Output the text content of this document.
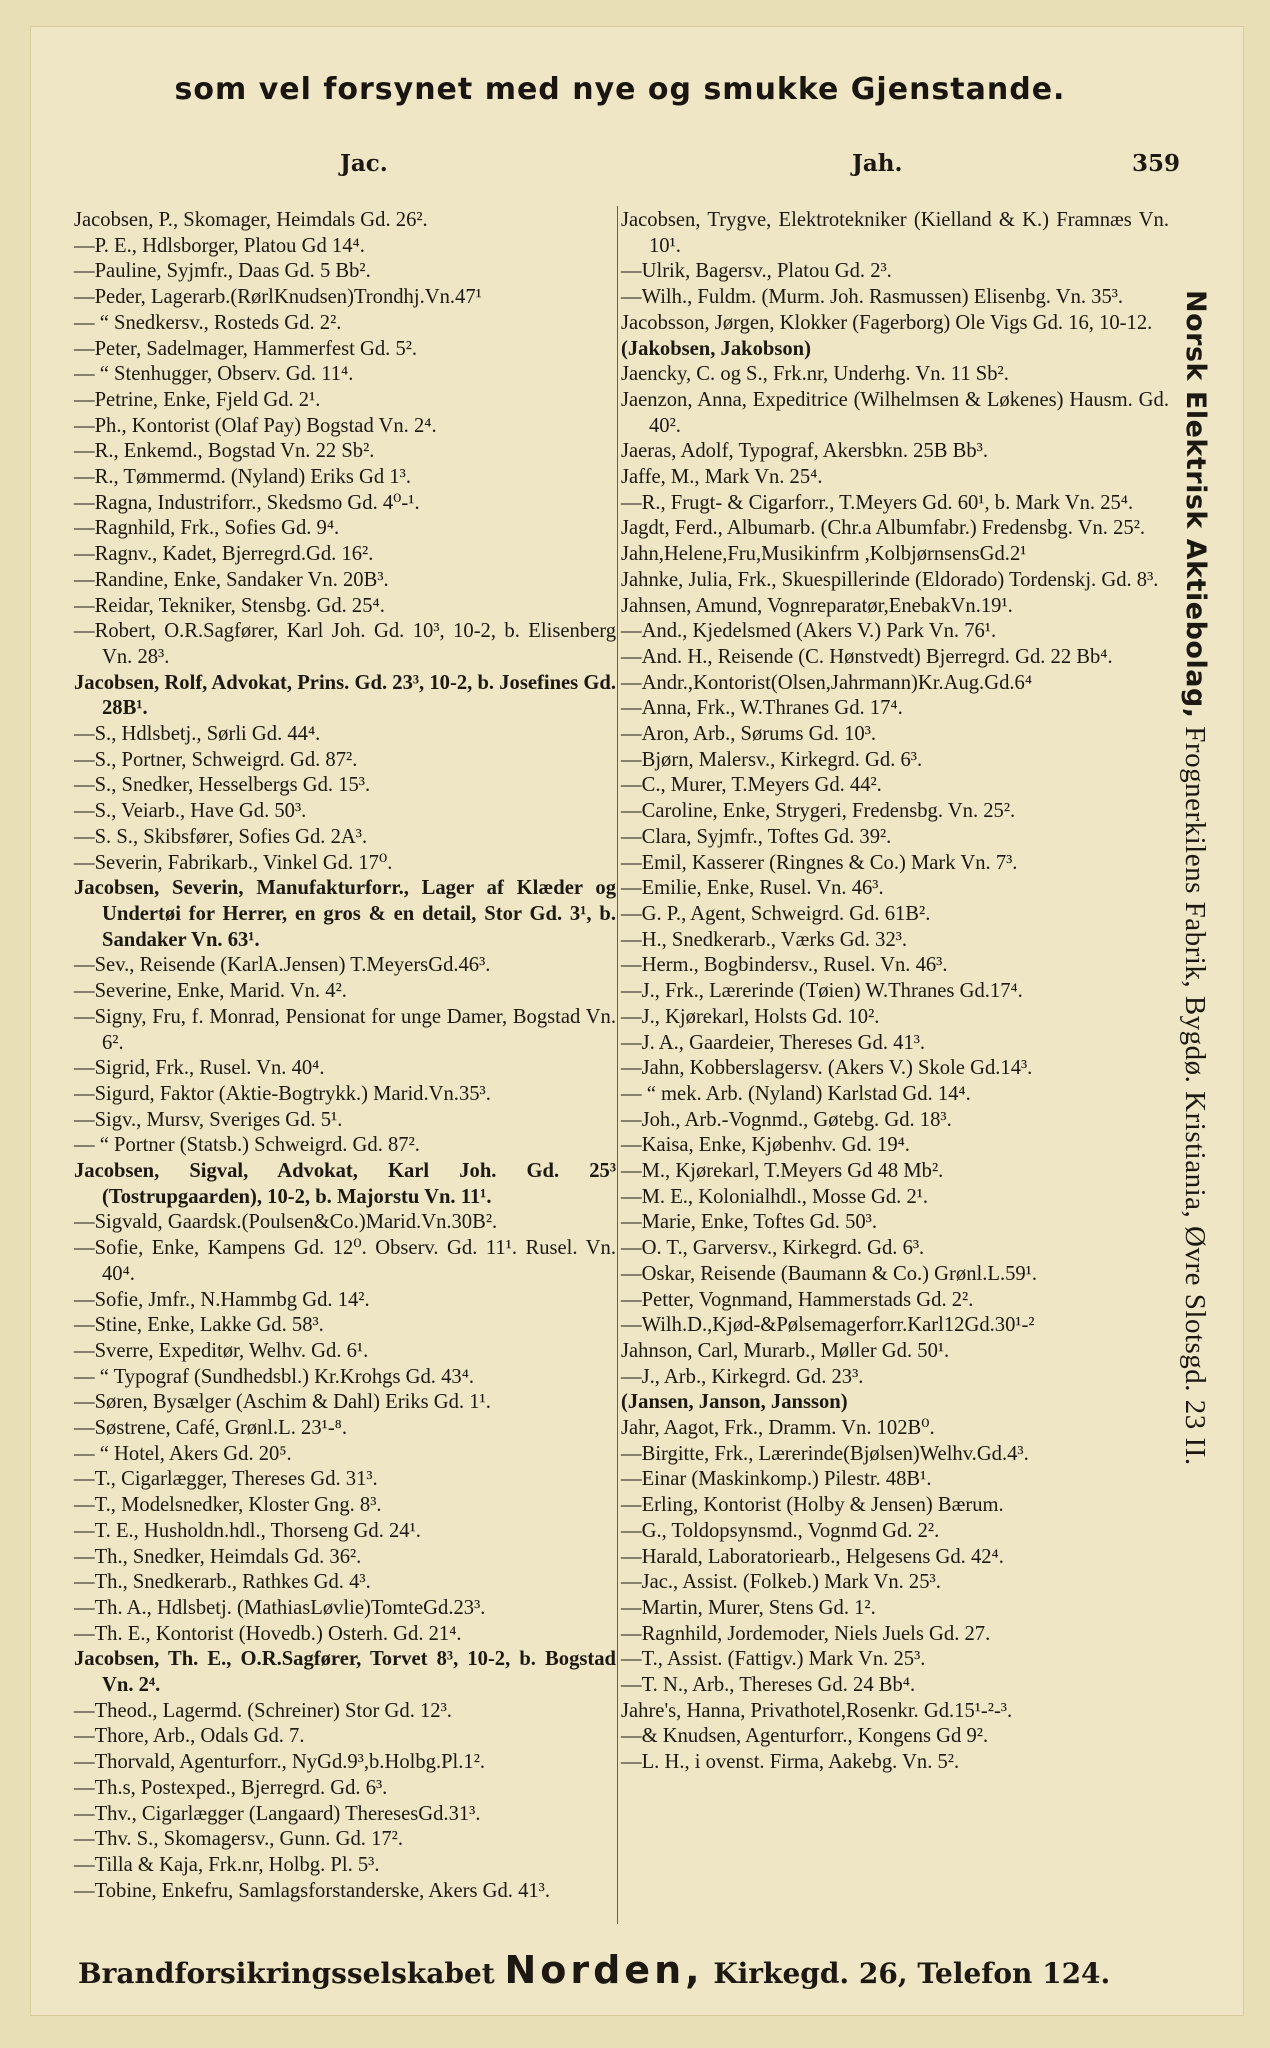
som vel forsynet med nye og smukke Gjenstande.
Jac.	Jah.	359

Jacobsen, P., Skomager, Heimdals Gd. 26².

—P. E., Hdlsborger, Platou Gd 14⁴.

—Pauline, Syjmfr., Daas Gd. 5 Bb².

—Peder, Lagerarb.(RørlKnudsen)Trondhj.Vn.47¹

— “ Snedkersv., Rosteds Gd. 2².

—Peter, Sadelmager, Hammerfest Gd. 5².

— “ Stenhugger, Observ. Gd. 11⁴.

—Petrine, Enke, Fjeld Gd. 2¹.

—Ph., Kontorist (Olaf Pay) Bogstad Vn. 2⁴.

—R., Enkemd., Bogstad Vn. 22 Sb².

—R., Tømmermd. (Nyland) Eriks Gd 1³.

—Ragna, Industriforr., Skedsmo Gd. 4⁰-¹.

—Ragnhild, Frk., Sofies Gd. 9⁴.

—Ragnv., Kadet, Bjerregrd.Gd. 16².

—Randine, Enke, Sandaker Vn. 20B³.

—Reidar, Tekniker, Stensbg. Gd. 25⁴.

—Robert, O.R.Sagfører, Karl Joh. Gd. 10³, 10-2, b. Elisenberg Vn. 28³.

Jacobsen, Rolf, Advokat, Prins. Gd. 23³, 10-2, b. Josefines Gd. 28B¹.

—S., Hdlsbetj., Sørli Gd. 44⁴.

—S., Portner, Schweigrd. Gd. 87².

—S., Snedker, Hesselbergs Gd. 15³.

—S., Veiarb., Have Gd. 50³.

—S. S., Skibsfører, Sofies Gd. 2A³.

—Severin, Fabrikarb., Vinkel Gd. 17⁰.

Jacobsen, Severin, Manufakturforr., Lager af Klæder og Undertøi for Herrer, en gros & en detail, Stor Gd. 3¹, b. Sandaker Vn. 63¹.

—Sev., Reisende (KarlA.Jensen) T.MeyersGd.46³.

—Severine, Enke, Marid. Vn. 4².

—Signy, Fru, f. Monrad, Pensionat for unge Damer, Bogstad Vn. 6².

—Sigrid, Frk., Rusel. Vn. 40⁴.

—Sigurd, Faktor (Aktie-Bogtrykk.) Marid.Vn.35³.

—Sigv., Mursv, Sveriges Gd. 5¹.

— “ Portner (Statsb.) Schweigrd. Gd. 87².

Jacobsen, Sigval, Advokat, Karl Joh. Gd. 25³ (Tostrupgaarden), 10-2, b. Majorstu Vn. 11¹.

—Sigvald, Gaardsk.(Poulsen&Co.)Marid.Vn.30B².

—Sofie, Enke, Kampens Gd. 12⁰. Observ. Gd. 11¹. Rusel. Vn. 40⁴.

—Sofie, Jmfr., N.Hammbg Gd. 14².

—Stine, Enke, Lakke Gd. 58³.

—Sverre, Expeditør, Welhv. Gd. 6¹.

— “ Typograf (Sundhedsbl.) Kr.Krohgs Gd. 43⁴.

—Søren, Bysælger (Aschim & Dahl) Eriks Gd. 1¹.

—Søstrene, Café, Grønl.L. 23¹-⁸.

— “ Hotel, Akers Gd. 20⁵.

—T., Cigarlægger, Thereses Gd. 31³.

—T., Modelsnedker, Kloster Gng. 8³.

—T. E., Husholdn.hdl., Thorseng Gd. 24¹.

—Th., Snedker, Heimdals Gd. 36².

—Th., Snedkerarb., Rathkes Gd. 4³.

—Th. A., Hdlsbetj. (MathiasLøvlie)TomteGd.23³.

—Th. E., Kontorist (Hovedb.) Osterh. Gd. 21⁴.

Jacobsen, Th. E., O.R.Sagfører, Torvet 8³, 10-2, b. Bogstad Vn. 2⁴.

—Theod., Lagermd. (Schreiner) Stor Gd. 12³.

—Thore, Arb., Odals Gd. 7.

—Thorvald, Agenturforr., NyGd.9³,b.Holbg.Pl.1².

—Th.s, Postexped., Bjerregrd. Gd. 6³.

—Thv., Cigarlægger (Langaard) TheresesGd.31³.

—Thv. S., Skomagersv., Gunn. Gd. 17².

—Tilla & Kaja, Frk.nr, Holbg. Pl. 5³.

—Tobine, Enkefru, Samlagsforstanderske, Akers Gd. 41³.

Jacobsen, Trygve, Elektrotekniker (Kielland & K.) Framnæs Vn. 10¹.

—Ulrik, Bagersv., Platou Gd. 2³.

—Wilh., Fuldm. (Murm. Joh. Rasmussen) Elisenbg. Vn. 35³.

Jacobsson, Jørgen, Klokker (Fagerborg) Ole Vigs Gd. 16, 10-12.

(Jakobsen, Jakobson)

Jaencky, C. og S., Frk.nr, Underhg. Vn. 11 Sb².

Jaenzon, Anna, Expeditrice (Wilhelmsen & Løkenes) Hausm. Gd. 40².

Jaeras, Adolf, Typograf, Akersbkn. 25B Bb³.

Jaffe, M., Mark Vn. 25⁴.

—R., Frugt- & Cigarforr., T.Meyers Gd. 60¹, b. Mark Vn. 25⁴.

Jagdt, Ferd., Albumarb. (Chr.a Albumfabr.) Fredensbg. Vn. 25².

Jahn,Helene,Fru,Musikinfrm ,KolbjørnsensGd.2¹

Jahnke, Julia, Frk., Skuespillerinde (Eldorado) Tordenskj. Gd. 8³.

Jahnsen, Amund, Vognreparatør,EnebakVn.19¹.

—And., Kjedelsmed (Akers V.) Park Vn. 76¹.

—And. H., Reisende (C. Hønstvedt) Bjerregrd. Gd. 22 Bb⁴.

—Andr.,Kontorist(Olsen,Jahrmann)Kr.Aug.Gd.6⁴

—Anna, Frk., W.Thranes Gd. 17⁴.

—Aron, Arb., Sørums Gd. 10³.

—Bjørn, Malersv., Kirkegrd. Gd. 6³.

—C., Murer, T.Meyers Gd. 44².

—Caroline, Enke, Strygeri, Fredensbg. Vn. 25².

—Clara, Syjmfr., Toftes Gd. 39².

—Emil, Kasserer (Ringnes & Co.) Mark Vn. 7³.

—Emilie, Enke, Rusel. Vn. 46³.

—G. P., Agent, Schweigrd. Gd. 61B².

—H., Snedkerarb., Værks Gd. 32³.

—Herm., Bogbindersv., Rusel. Vn. 46³.

—J., Frk., Lærerinde (Tøien) W.Thranes Gd.17⁴.

—J., Kjørekarl, Holsts Gd. 10².

—J. A., Gaardeier, Thereses Gd. 41³.

—Jahn, Kobberslagersv. (Akers V.) Skole Gd.14³.

— “ mek. Arb. (Nyland) Karlstad Gd. 14⁴.

—Joh., Arb.-Vognmd., Gøtebg. Gd. 18³.

—Kaisa, Enke, Kjøbenhv. Gd. 19⁴.

—M., Kjørekarl, T.Meyers Gd 48 Mb².

—M. E., Kolonialhdl., Mosse Gd. 2¹.

—Marie, Enke, Toftes Gd. 50³.

—O. T., Garversv., Kirkegrd. Gd. 6³.

—Oskar, Reisende (Baumann & Co.) Grønl.L.59¹.

—Petter, Vognmand, Hammerstads Gd. 2².

—Wilh.D.,Kjød-&Pølsemagerforr.Karl12Gd.30¹-²

Jahnson, Carl, Murarb., Møller Gd. 50¹.

—J., Arb., Kirkegrd. Gd. 23³.

(Jansen, Janson, Jansson)

Jahr, Aagot, Frk., Dramm. Vn. 102B⁰.

—Birgitte, Frk., Lærerinde(Bjølsen)Welhv.Gd.4³.

—Einar (Maskinkomp.) Pilestr. 48B¹.

—Erling, Kontorist (Holby & Jensen) Bærum.

—G., Toldopsynsmd., Vognmd Gd. 2².

—Harald, Laboratoriearb., Helgesens Gd. 42⁴.

—Jac., Assist. (Folkeb.) Mark Vn. 25³.

—Martin, Murer, Stens Gd. 1².

—Ragnhild, Jordemoder, Niels Juels Gd. 27.

—T., Assist. (Fattigv.) Mark Vn. 25³.

—T. N., Arb., Thereses Gd. 24 Bb⁴.

Jahre's, Hanna, Privathotel,Rosenkr. Gd.15¹-²-³.

—& Knudsen, Agenturforr., Kongens Gd 9².

—L. H., i ovenst. Firma, Aakebg. Vn. 5².

Norsk Elektrisk Aktiebolag, Frognerkilens Fabrik, Bygdø. Kristiania, Øvre Slotsgd. 23 II.
Brandforsikringsselskabet Norden, Kirkegd. 26, Telefon 124.
